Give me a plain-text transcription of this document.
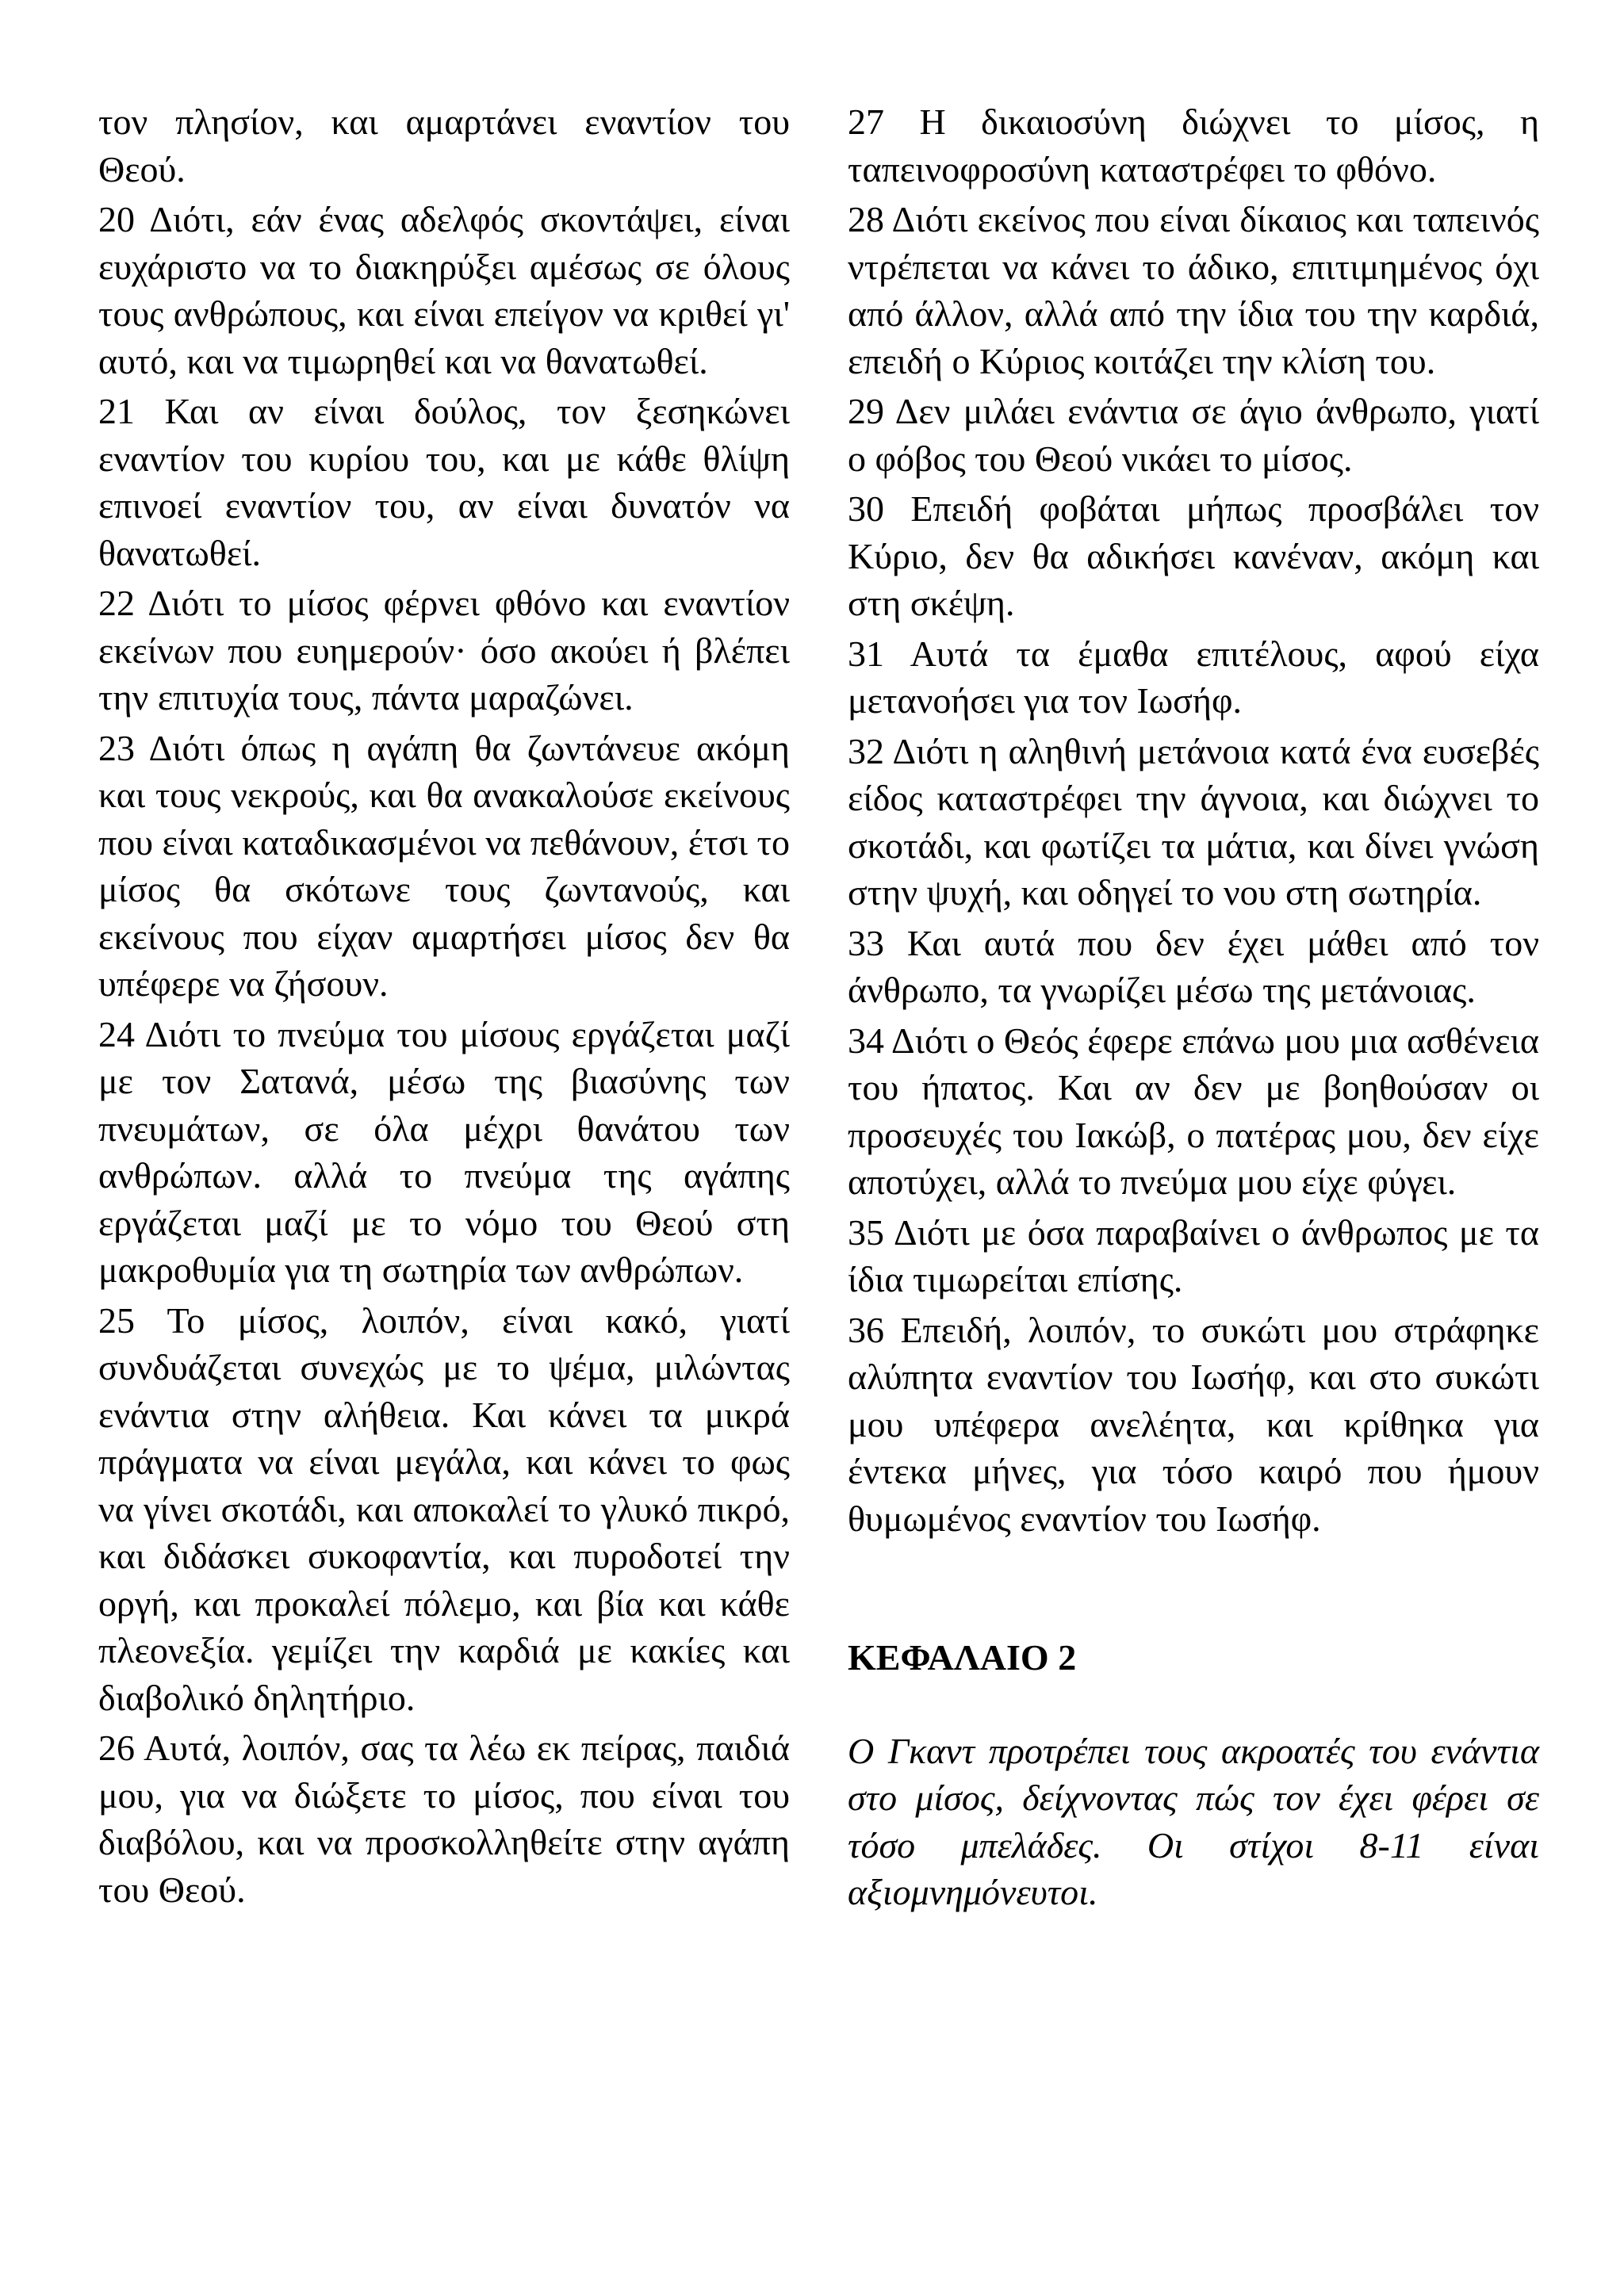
τον πλησίον, και αμαρτάνει εναντίον του Θεού.

20 Διότι, εάν ένας αδελφός σκοντάψει, είναι ευχάριστο να το διακηρύξει αμέσως σε όλους τους ανθρώπους, και είναι επείγον να κριθεί γι' αυτό, και να τιμωρηθεί και να θανατωθεί.

21 Και αν είναι δούλος, τον ξεσηκώνει εναντίον του κυρίου του, και με κάθε θλίψη επινοεί εναντίον του, αν είναι δυνατόν να θανατωθεί.

22 Διότι το μίσος φέρνει φθόνο και εναντίον εκείνων που ευημερούν· όσο ακούει ή βλέπει την επιτυχία τους, πάντα μαραζώνει.

23 Διότι όπως η αγάπη θα ζωντάνευε ακόμη και τους νεκρούς, και θα ανακαλούσε εκείνους που είναι καταδικασμένοι να πεθάνουν, έτσι το μίσος θα σκότωνε τους ζωντανούς, και εκείνους που είχαν αμαρτήσει μίσος δεν θα υπέφερε να ζήσουν.

24 Διότι το πνεύμα του μίσους εργάζεται μαζί με τον Σατανά, μέσω της βιασύνης των πνευμάτων, σε όλα μέχρι θανάτου των ανθρώπων. αλλά το πνεύμα της αγάπης εργάζεται μαζί με το νόμο του Θεού στη μακροθυμία για τη σωτηρία των ανθρώπων.

25 Το μίσος, λοιπόν, είναι κακό, γιατί συνδυάζεται συνεχώς με το ψέμα, μιλώντας ενάντια στην αλήθεια. Και κάνει τα μικρά πράγματα να είναι μεγάλα, και κάνει το φως να γίνει σκοτάδι, και αποκαλεί το γλυκό πικρό, και διδάσκει συκοφαντία, και πυροδοτεί την οργή, και προκαλεί πόλεμο, και βία και κάθε πλεονεξία. γεμίζει την καρδιά με κακίες και διαβολικό δηλητήριο.

26 Αυτά, λοιπόν, σας τα λέω εκ πείρας, παιδιά μου, για να διώξετε το μίσος, που είναι του διαβόλου, και να προσκολληθείτε στην αγάπη του Θεού.

27 Η δικαιοσύνη διώχνει το μίσος, η ταπεινοφροσύνη καταστρέφει το φθόνο.

28 Διότι εκείνος που είναι δίκαιος και ταπεινός ντρέπεται να κάνει το άδικο, επιτιμημένος όχι από άλλον, αλλά από την ίδια του την καρδιά, επειδή ο Κύριος κοιτάζει την κλίση του.

29 Δεν μιλάει ενάντια σε άγιο άνθρωπο, γιατί ο φόβος του Θεού νικάει το μίσος.

30 Επειδή φοβάται μήπως προσβάλει τον Κύριο, δεν θα αδικήσει κανέναν, ακόμη και στη σκέψη.

31 Αυτά τα έμαθα επιτέλους, αφού είχα μετανοήσει για τον Ιωσήφ.

32 Διότι η αληθινή μετάνοια κατά ένα ευσεβές είδος καταστρέφει την άγνοια, και διώχνει το σκοτάδι, και φωτίζει τα μάτια, και δίνει γνώση στην ψυχή, και οδηγεί το νου στη σωτηρία.

33 Και αυτά που δεν έχει μάθει από τον άνθρωπο, τα γνωρίζει μέσω της μετάνοιας.

34 Διότι ο Θεός έφερε επάνω μου μια ασθένεια του ήπατος. Και αν δεν με βοηθούσαν οι προσευχές του Ιακώβ, ο πατέρας μου, δεν είχε αποτύχει, αλλά το πνεύμα μου είχε φύγει.

35 Διότι με όσα παραβαίνει ο άνθρωπος με τα ίδια τιμωρείται επίσης.

36 Επειδή, λοιπόν, το συκώτι μου στράφηκε αλύπητα εναντίον του Ιωσήφ, και στο συκώτι μου υπέφερα ανελέητα, και κρίθηκα για έντεκα μήνες, για τόσο καιρό που ήμουν θυμωμένος εναντίον του Ιωσήφ.

ΚΕΦΑΛΑΙΟ 2

Ο Γκαντ προτρέπει τους ακροατές του ενάντια στο μίσος, δείχνοντας πώς τον έχει φέρει σε τόσο μπελάδες. Οι στίχοι 8-11 είναι αξιομνημόνευτοι.
